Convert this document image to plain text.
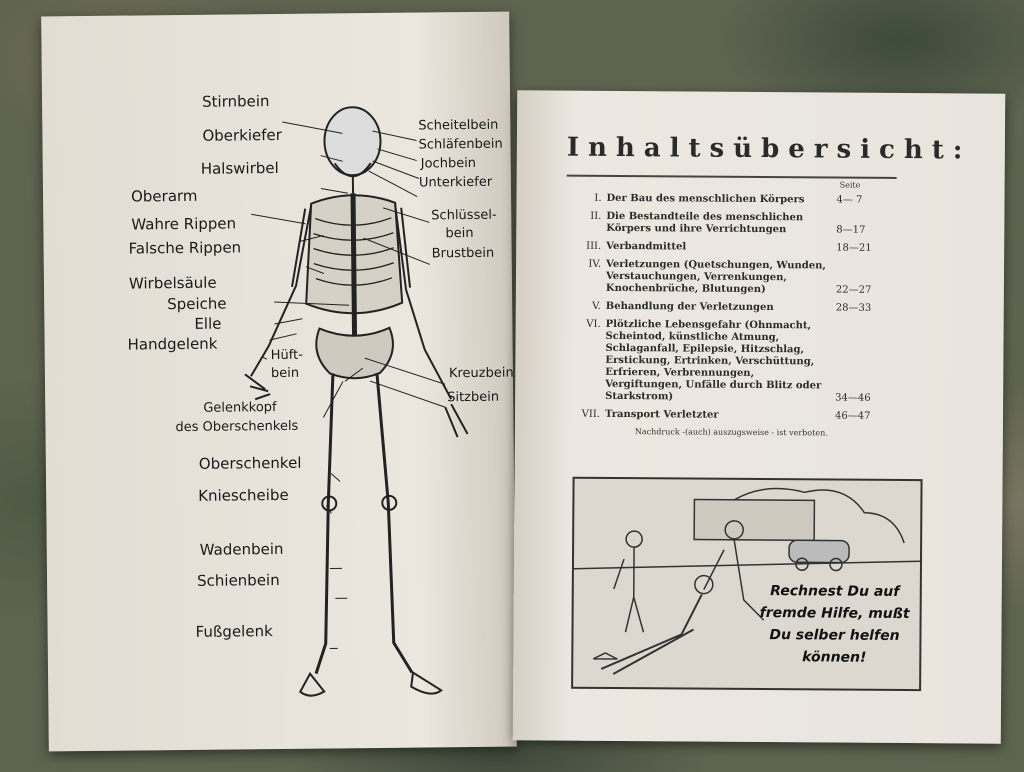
Stirnbein
Oberkiefer
Halswirbel
Oberarm
Wahre Rippen
Falsche Rippen
Wirbelsäule
Speiche
Elle
Handgelenk
Hüft-
bein
Gelenkkopf
des Oberschenkels
Oberschenkel
Kniescheibe
Wadenbein
Schienbein
Fußgelenk
Scheitelbein
Schläfenbein
Jochbein
Unterkiefer
Schlüssel-
bein
Brustbein
Kreuzbein
Sitzbein
Inhaltsübersicht:
Seite
I. Der Bau des menschlichen Körpers	4— 7
II. Die Bestandteile des menschlichen Körpers und ihre Verrichtungen	8—17
III. Verbandmittel	18—21
IV. Verletzungen (Quetschungen, Wunden, Verstauchungen, Verrenkungen, Knochenbrüche, Blutungen)	22—27
V. Behandlung der Verletzungen	28—33
VI. Plötzliche Lebensgefahr (Ohnmacht, Scheintod, künstliche Atmung, Schlaganfall, Epilepsie, Hitzschlag, Erstickung, Ertrinken, Verschüttung, Erfrieren, Verbrennungen, Vergiftungen, Unfälle durch Blitz oder Starkstrom)	34—46
VII. Transport Verletzter	46—47
Nachdruck -(auch) auszugsweise - ist verboten.
Rechnest Du auf fremde Hilfe, mußt Du selber helfen können!
